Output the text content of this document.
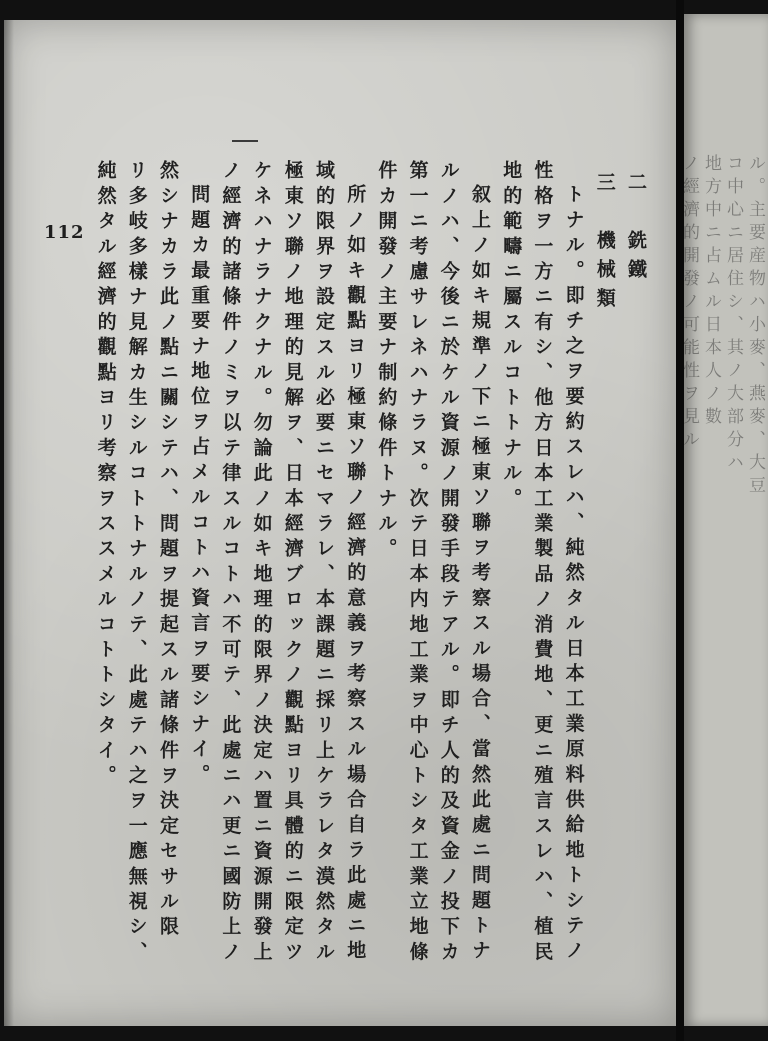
112	二　銑鐵
三　機械類
トナル。即チ之ヲ要約スレハ、純然タル日本工業原料供給地トシテノ
性格ヲ一方ニ有シ、他方日本工業製品ノ消費地、更ニ殖言スレハ、植民
地的範疇ニ屬スルコトトナル。
叙上ノ如キ規準ノ下ニ極東ソ聯ヲ考察スル場合、當然此處ニ問題トナ
ルノハ、今後ニ於ケル資源ノ開發手段テアル。即チ人的及資金ノ投下カ
第一ニ考慮サレネハナラヌ。次テ日本内地工業ヲ中心トシタ工業立地條
件カ開發ノ主要ナ制約條件トナル。
所ノ如キ觀點ヨリ極東ソ聯ノ經濟的意義ヲ考察スル場合自ラ此處ニ地
域的限界ヲ設定スル必要ニセマラレ、本課題ニ採リ上ケラレタ漠然タル
極東ソ聯ノ地理的見解ヲ、日本經濟ブロックノ觀點ヨリ具體的ニ限定ツ
ケネハナラナクナル。勿論此ノ如キ地理的限界ノ決定ハ置ニ資源開發上
ノ經濟的諸條件ノミヲ以テ律スルコトハ不可テ、此處ニハ更ニ國防上ノ
問題カ最重要ナ地位ヲ占メルコトハ資言ヲ要シナイ。
然シナカラ此ノ點ニ關シテハ、問題ヲ提起スル諸條件ヲ決定セサル限
リ多岐多樣ナ見解カ生シルコトトナルノテ、此處テハ之ヲ一應無視シ、
純然タル經濟的觀點ヨリ考察ヲススメルコトトシタイ。	ル。主要産物ハ小麥、燕麥、大豆
コ中心ニ居住シ、其ノ大部分ハ
地方中ニ占ムル日本人ノ數
ノ經濟的開發ノ可能性ヲ見ル
